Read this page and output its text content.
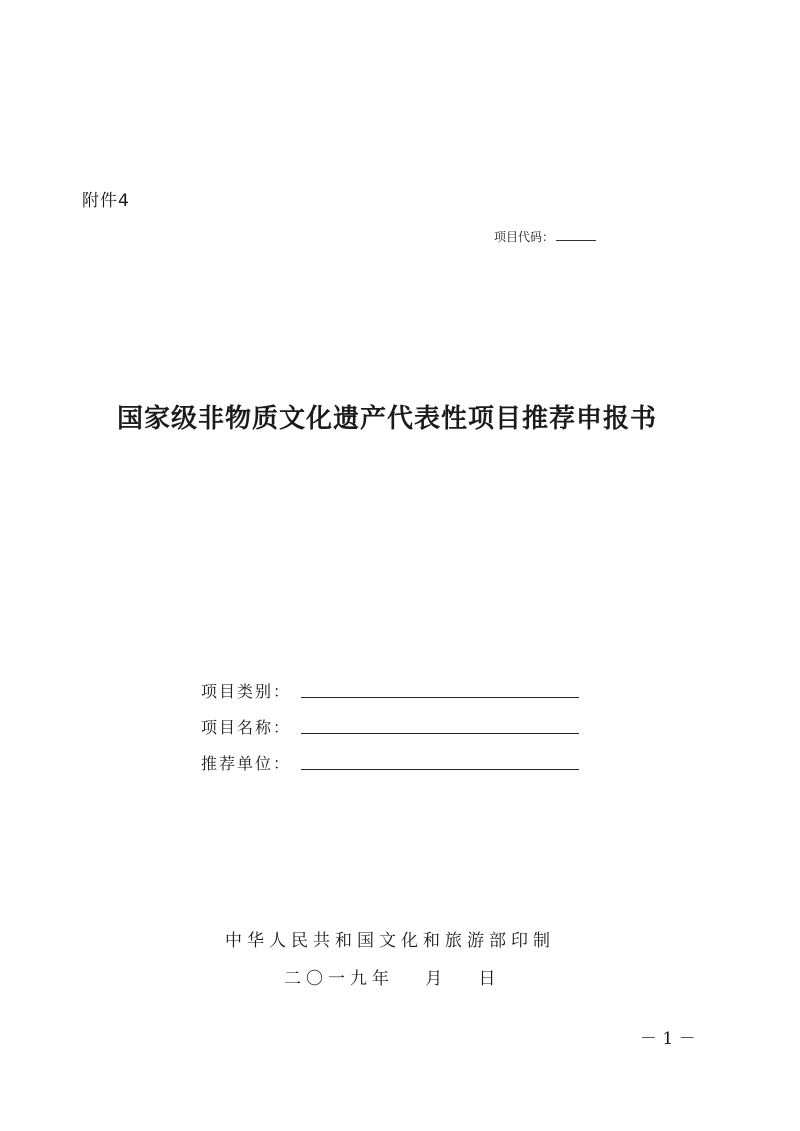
附件4
项目代码：
国家级非物质文化遗产代表性项目推荐申报书
项目类别：
项目名称：
推荐单位：
中华人民共和国文化和旅游部印制
二〇一九年 月 日
－ 1 －
